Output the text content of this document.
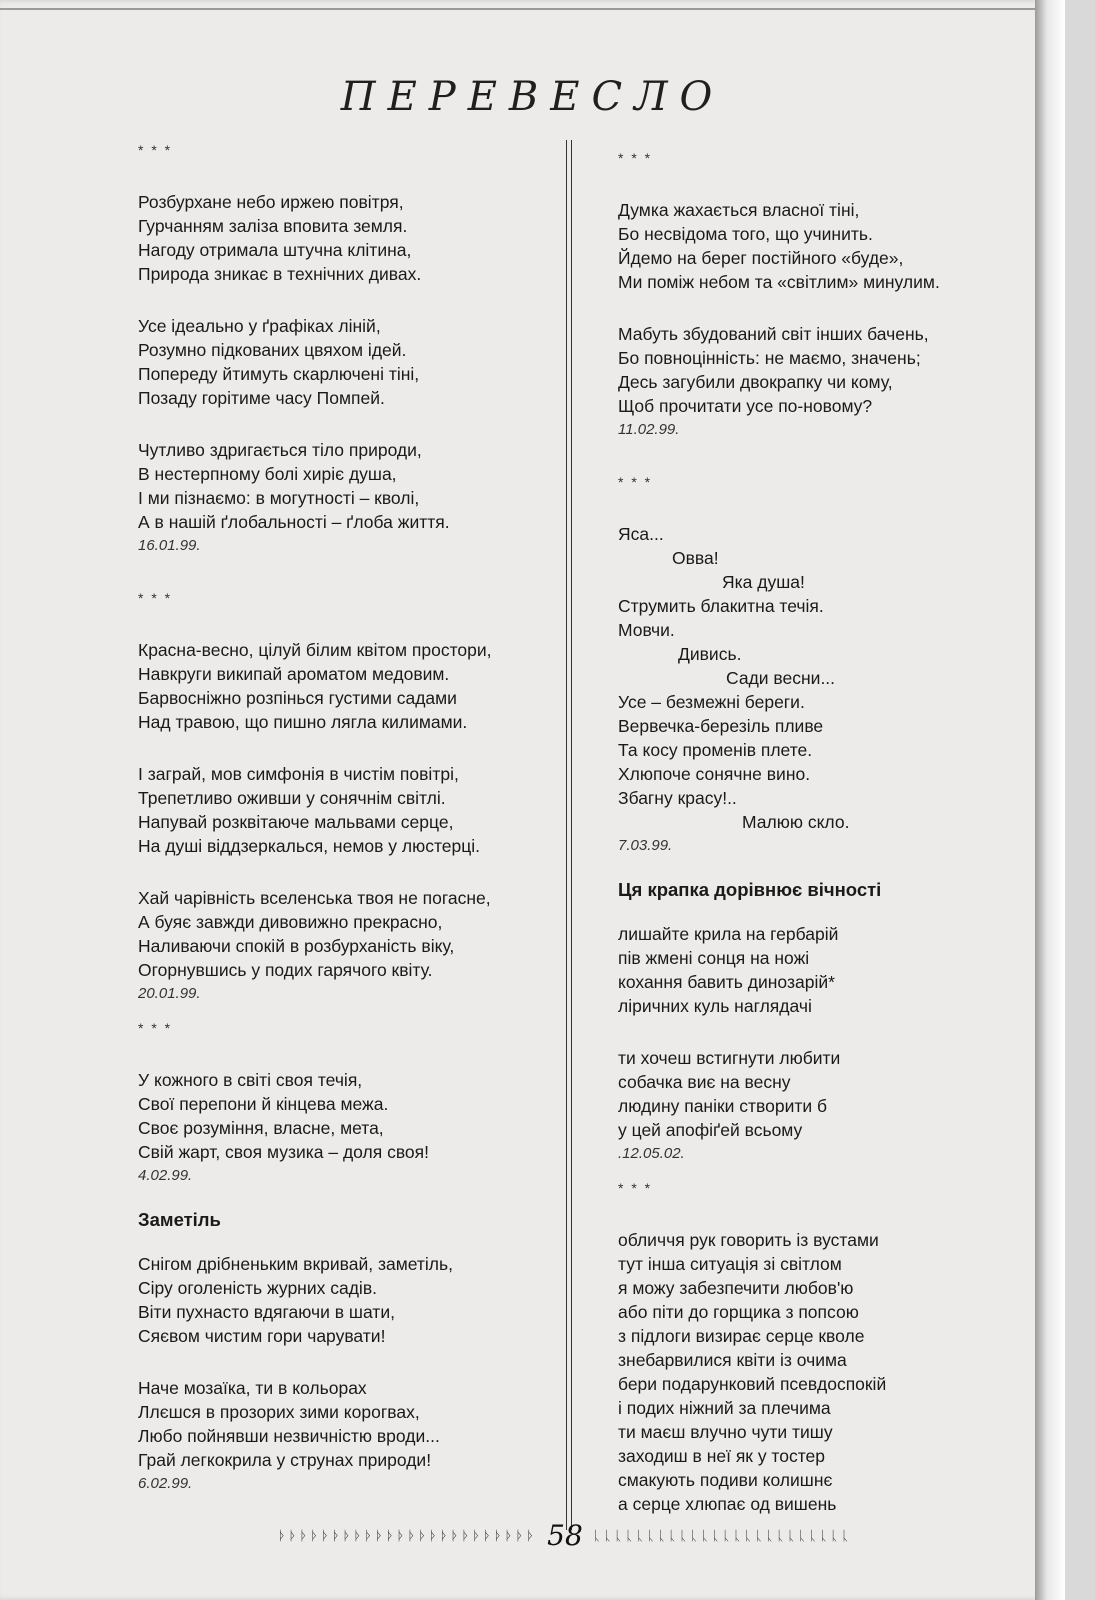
ПЕРЕВЕСЛО
* * *
Розбурхане небо иржею повітря,
Гурчанням заліза вповита земля.
Нагоду отримала штучна клітина,
Природа зникає в технічних дивах.
Усе ідеально у ґрафіках ліній,
Розумно підкованих цвяхом ідей.
Попереду йтимуть скарлючені тіні,
Позаду горітиме часу Помпей.
Чутливо здригається тіло природи,
В нестерпному болі хиріє душа,
І ми пізнаємо: в могутності – кволі,
А в нашій ґлобальності – ґлоба життя.
16.01.99.
* * *
Красна-весно, цілуй білим квітом простори,
Навкруги википай ароматом медовим.
Барвосніжно розпінься густими садами
Над травою, що пишно лягла килимами.
І заграй, мов симфонія в чистім повітрі,
Трепетливо оживши у сонячнім світлі.
Напувай розквітаюче мальвами серце,
На душі віддзеркалься, немов у люстерці.
Хай чарівність вселенська твоя не погасне,
А буяє завжди дивовижно прекрасно,
Наливаючи спокій в розбурханість віку,
Огорнувшись у подих гарячого квіту.
20.01.99.
* * *
У кожного в світі своя течія,
Свої перепони й кінцева межа.
Своє розуміння, власне, мета,
Свій жарт, своя музика – доля своя!
4.02.99.
Заметіль
Снігом дрібненьким вкривай, заметіль,
Сіру оголеність журних садів.
Віти пухнасто вдягаючи в шати,
Сяєвом чистим гори чарувати!
Наче мозаїка, ти в кольорах
Ллєшся в прозорих зими корогвах,
Любо пойнявши незвичністю вроди...
Грай легкокрила у струнах природи!
6.02.99.
* * *
Думка жахається власної тіні,
Бо несвідома того, що учинить.
Йдемо на берег постійного «буде»,
Ми поміж небом та «світлим» минулим.
Мабуть збудований світ інших бачень,
Бо повноцінність: не маємо, значень;
Десь загубили двокрапку чи кому,
Щоб прочитати усе по-новому?
11.02.99.
* * *
Яса...
Овва!
Яка душа!
Струмить блакитна течія.
Мовчи.
Дивись.
Сади весни...
Усе – безмежні береги.
Вервечка-березіль пливе
Та косу променів плете.
Хлюпоче сонячне вино.
Збагну красу!..
Малюю скло.
7.03.99.
Ця крапка дорівнює вічності
лишайте крила на гербарій
пів жмені сонця на ножі
кохання бавить динозарій*
ліричних куль наглядачі
ти хочеш встигнути любити
собачка виє на весну
людину паніки створити б
у цей апофіґей всьому
.12.05.02.
* * *
обличчя рук говорить із вустами
тут інша ситуація зі світлом
я можу забезпечити любов'ю
або піти до горщика з попсою
з підлоги визирає серце кволе
знебарвилися квіти із очима
бери подарунковий псевдоспокій
і подих ніжний за плечима
ти маєш влучно чути тишу
заходиш в неї як у тостер
смакують подиви колишнє
а серце хлюпає од вишень
ᚦᚦᚦᚦᚦᚦᚦᚦᚦᚦᚦᚦᚦᚦᚦᚦᚦᚦᚦᚦᚦᚦᚦᚦ 58 ᚳᚳᚳᚳᚳᚳᚳᚳᚳᚳᚳᚳᚳᚳᚳᚳᚳᚳᚳᚳᚳᚳᚳᚳ
